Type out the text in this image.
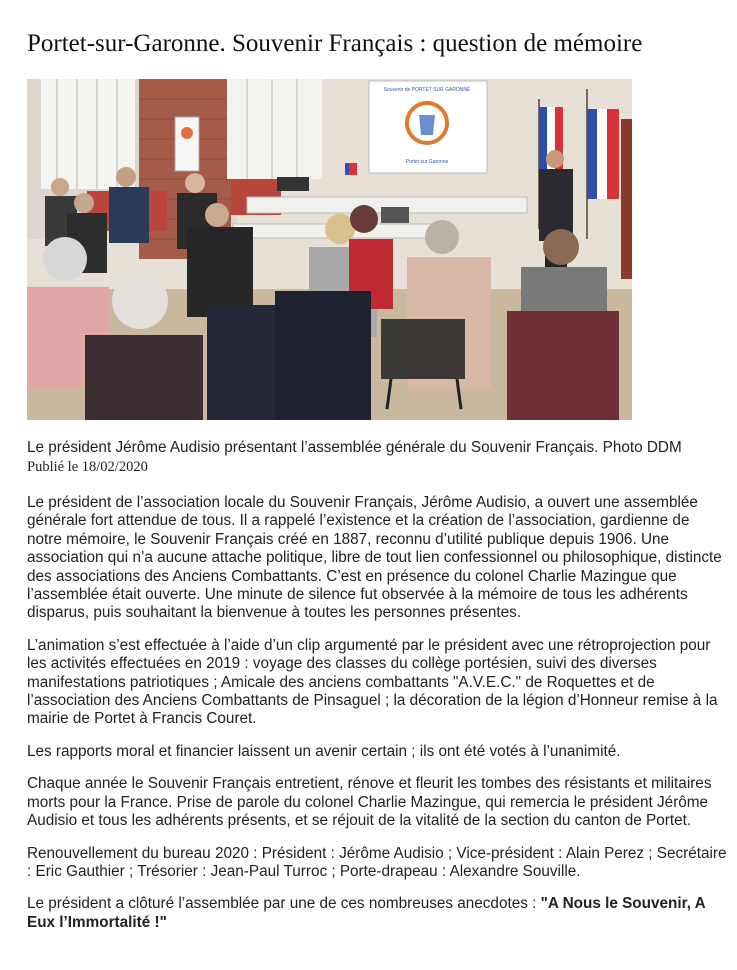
Portet-sur-Garonne. Souvenir Français : question de mémoire
Souvenir de PORTET SUR GARONNE
Portet sur Garonne
Le président Jérôme Audisio présentant l’assemblée générale du Souvenir Français. Photo DDM
Publié le 18/02/2020

Le président de l’association locale du Souvenir Français, Jérôme Audisio, a ouvert une assemblée générale fort attendue de tous. Il a rappelé l’existence et la création de l’association, gardienne de notre mémoire, le Souvenir Français créé en 1887, reconnu d’utilité publique depuis 1906. Une association qui n’a aucune attache politique, libre de tout lien confessionnel ou philosophique, distincte des associations des Anciens Combattants. C’est en présence du colonel Charlie Mazingue que l’assemblée était ouverte. Une minute de silence fut observée à la mémoire de tous les adhérents disparus, puis souhaitant la bienvenue à toutes les personnes présentes.

L’animation s’est effectuée à l’aide d’un clip argumenté par le président avec une rétroprojection pour les activités effectuées en 2019 : voyage des classes du collège portésien, suivi des diverses manifestations patriotiques ; Amicale des anciens combattants "A.V.E.C." de Roquettes et de l’association des Anciens Combattants de Pinsaguel ; la décoration de la légion d’Honneur remise à la mairie de Portet à Francis Couret.

Les rapports moral et financier laissent un avenir certain ; ils ont été votés à l’unanimité.

Chaque année le Souvenir Français entretient, rénove et fleurit les tombes des résistants et militaires morts pour la France. Prise de parole du colonel Charlie Mazingue, qui remercia le président Jérôme Audisio et tous les adhérents présents, et se réjouit de la vitalité de la section du canton de Portet.

Renouvellement du bureau 2020 : Président : Jérôme Audisio ; Vice-président : Alain Perez ; Secrétaire : Eric Gauthier ; Trésorier : Jean-Paul Turroc ; Porte-drapeau : Alexandre Souville.

Le président a clôturé l’assemblée par une de ces nombreuses anecdotes : "A Nous le Souvenir, A Eux l’Immortalité !"
